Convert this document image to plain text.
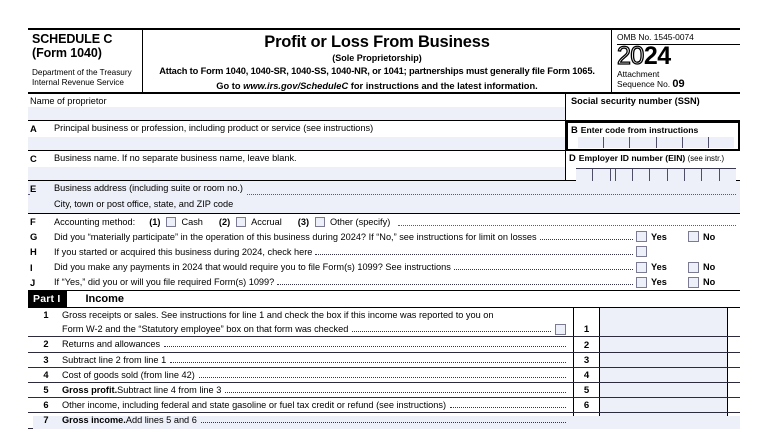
SCHEDULE C
(Form 1040)
Department of the Treasury
Internal Revenue Service
Profit or Loss From Business
(Sole Proprietorship)
Attach to Form 1040, 1040-SR, 1040-SS, 1040-NR, or 1041; partnerships must generally file Form 1065.
Go to www.irs.gov/ScheduleC for instructions and the latest information.
OMB No. 1545-0074
2024
Attachment
Sequence No. 09
Name of proprietor	Social security number (SSN)
A Principal business or profession, including product or service (see instructions)	B Enter code from instructions
C Business name. If no separate business name, leave blank.	D Employer ID number (EIN) (see instr.)
E Business address (including suite or room no.)
City, town or post office, state, and ZIP code
F	Accounting method: (1) Cash (2) Accrual (3) Other (specify)
G	Did you “materially participate” in the operation of this business during 2024? If “No,” see instructions for limit on losses	Yes	No
H	If you started or acquired this business during 2024, check here
I	Did you make any payments in 2024 that would require you to file Form(s) 1099? See instructions	Yes	No
J	If “Yes,” did you or will you file required Form(s) 1099?	Yes	No
Part I	Income
1	Gross receipts or sales. See instructions for line 1 and check the box if this income was reported to you on
Form W-2 and the “Statutory employee” box on that form was checked	1
2	Returns and allowances	2
3	Subtract line 2 from line 1	3
4	Cost of goods sold (from line 42)	4
5	Gross profit. Subtract line 4 from line 3	5
6	Other income, including federal and state gasoline or fuel tax credit or refund (see instructions)	6
7	Gross income. Add lines 5 and 6
